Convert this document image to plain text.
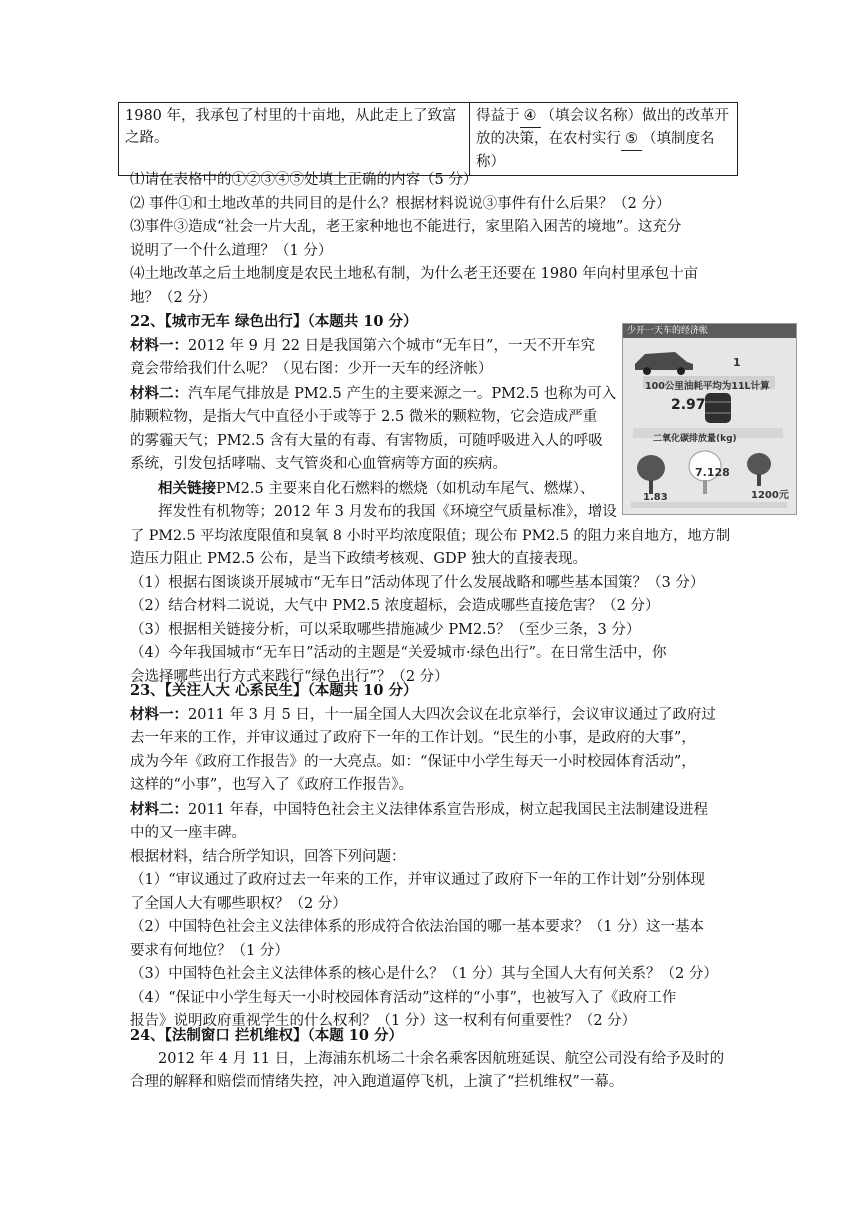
1980 年，我承包了村里的十亩地，从此走上了致富之路。	得益于 ④ （填会议名称）做出的改革开放的决策，在农村实行 ⑤ （填制度名称）
⑴请在表格中的①②③④⑤处填上正确的内容（5 分）
⑵ 事件①和土地改革的共同目的是什么？根据材料说说③事件有什么后果？（2 分）
⑶事件③造成“社会一片大乱，老王家种地也不能进行，家里陷入困苦的境地”。这充分
说明了一个什么道理？（1 分）
⑷土地改革之后土地制度是农民土地私有制，为什么老王还要在 1980 年向村里承包十亩
地？（2 分）
22、【城市无车 绿色出行】（本题共 10 分）
材料一：2012 年 9 月 22 日是我国第六个城市“无车日”，一天不开车究
竟会带给我们什么呢？（见右图：少开一天车的经济帐）
材料二：汽车尾气排放是 PM2.5 产生的主要来源之一。PM2.5 也称为可入
肺颗粒物，是指大气中直径小于或等于 2.5 微米的颗粒物，它会造成严重
的雾霾天气；PM2.5 含有大量的有毒、有害物质，可随呼吸进入人的呼吸
系统，引发包括哮喘、支气管炎和心血管病等方面的疾病。
相关链接PM2.5 主要来自化石燃料的燃烧（如机动车尾气、燃煤）、
挥发性有机物等；2012 年 3 月发布的我国《环境空气质量标准》，增设
了 PM2.5 平均浓度限值和臭氧 8 小时平均浓度限值；现公布 PM2.5 的阻力来自地方，地方制
造压力阻止 PM2.5 公布，是当下政绩考核观、GDP 独大的直接表现。
（1）根据右图谈谈开展城市“无车日”活动体现了什么发展战略和哪些基本国策？（3 分）
（2）结合材料二说说，大气中 PM2.5 浓度超标，会造成哪些直接危害？（2 分）
（3）根据相关链接分析，可以采取哪些措施减少 PM2.5？（至少三条，3 分）
（4）今年我国城市“无车日”活动的主题是“关爱城市·绿色出行”。在日常生活中，你
会选择哪些出行方式来践行“绿色出行”？（2 分）
少开一天车的经济帐
1
100公里油耗平均为11L计算
2.97
二氧化碳排放量(kg)
7.128
1.83	1200元
23、【关注人大 心系民生】（本题共 10 分）
材料一：2011 年 3 月 5 日，十一届全国人大四次会议在北京举行，会议审议通过了政府过
去一年来的工作，并审议通过了政府下一年的工作计划。“民生的小事，是政府的大事”，
成为今年《政府工作报告》的一大亮点。如：“保证中小学生每天一小时校园体育活动”，
这样的“小事”，也写入了《政府工作报告》。
材料二：2011 年春，中国特色社会主义法律体系宣告形成，树立起我国民主法制建设进程
中的又一座丰碑。
根据材料，结合所学知识，回答下列问题：
（1）“审议通过了政府过去一年来的工作，并审议通过了政府下一年的工作计划”分别体现
了全国人大有哪些职权？（2 分）
（2）中国特色社会主义法律体系的形成符合依法治国的哪一基本要求？（1 分）这一基本
要求有何地位？（1 分）
（3）中国特色社会主义法律体系的核心是什么？（1 分）其与全国人大有何关系？（2 分）
（4）“保证中小学生每天一小时校园体育活动”这样的“小事”，也被写入了《政府工作
报告》说明政府重视学生的什么权利？（1 分）这一权利有何重要性？（2 分）
24、【法制窗口 拦机维权】（本题 10 分）
2012 年 4 月 11 日，上海浦东机场二十余名乘客因航班延误、航空公司没有给予及时的
合理的解释和赔偿而情绪失控，冲入跑道逼停飞机，上演了“拦机维权”一幕。
